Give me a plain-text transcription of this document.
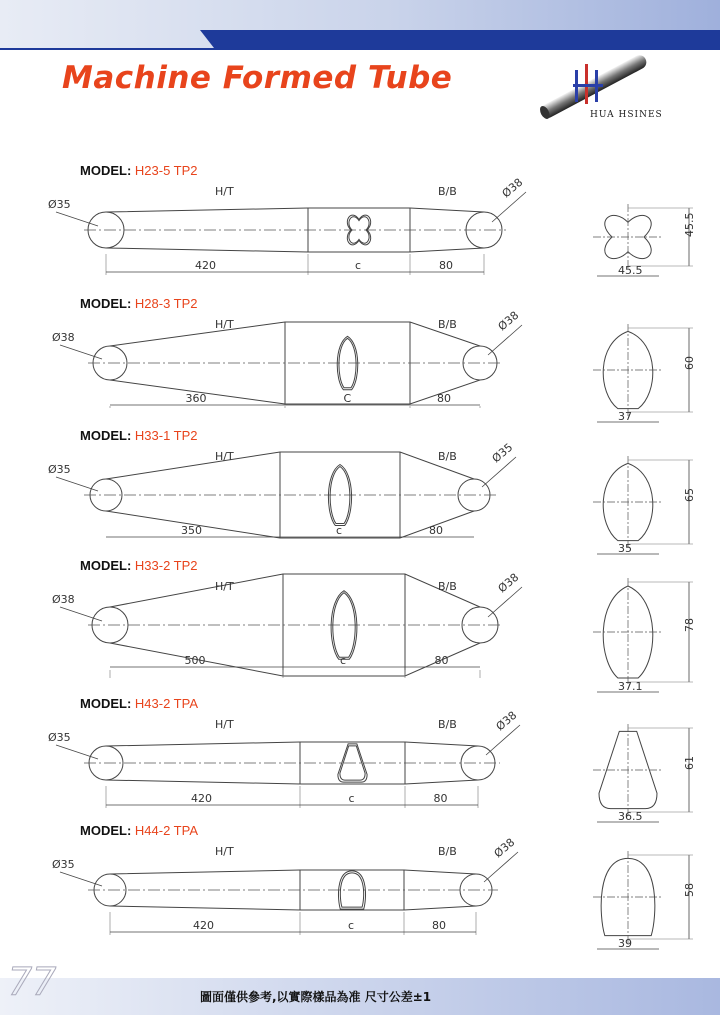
Machine Formed Tube
HUA HSINES
MODEL: H23-5 TP2
H/T	B/B
Ø35
Ø38
420	c	80
45.5
45.5
MODEL: H28-3 TP2
H/T	B/B
Ø38
Ø38
360	C	80
60
37
MODEL: H33-1 TP2
H/T	B/B
Ø35
Ø35
350	c	80
65
35
MODEL: H33-2 TP2
H/T	B/B
Ø38
Ø38
500	c	80
78
37.1
MODEL: H43-2 TPA
H/T	B/B
Ø35
Ø38
420	c	80
61
36.5
MODEL: H44-2 TPA
H/T	B/B
Ø35
Ø38
420	c	80
58
39
77	圖面僅供參考,以實際樣品為准 尺寸公差±1
